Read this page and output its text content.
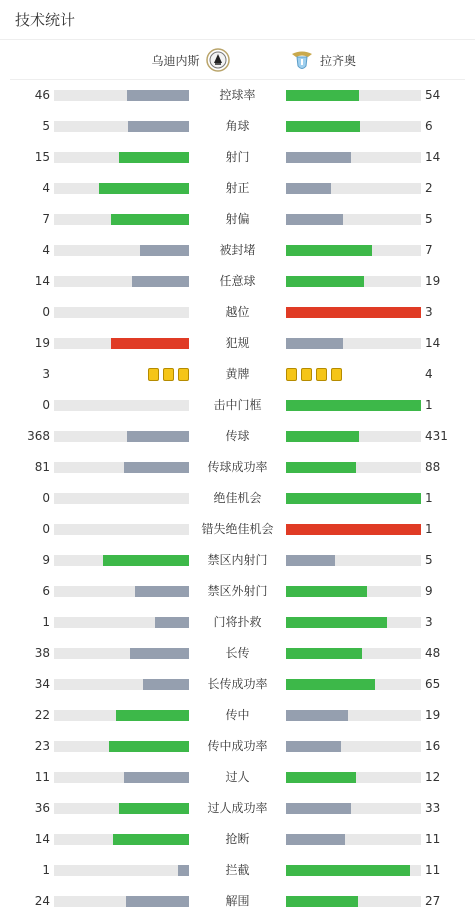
技术统计
乌迪内斯	拉齐奥
46	控球率	54
5	角球	6
15	射门	14
4	射正	2
7	射偏	5
4	被封堵	7
14	任意球	19
0	越位	3
19	犯规	14
3	黄牌	4
0	击中门框	1
368	传球	431
81	传球成功率	88
0	绝佳机会	1
0	错失绝佳机会	1
9	禁区内射门	5
6	禁区外射门	9
1	门将扑救	3
38	长传	48
34	长传成功率	65
22	传中	19
23	传中成功率	16
11	过人	12
36	过人成功率	33
14	抢断	11
1	拦截	11
24	解围	27
